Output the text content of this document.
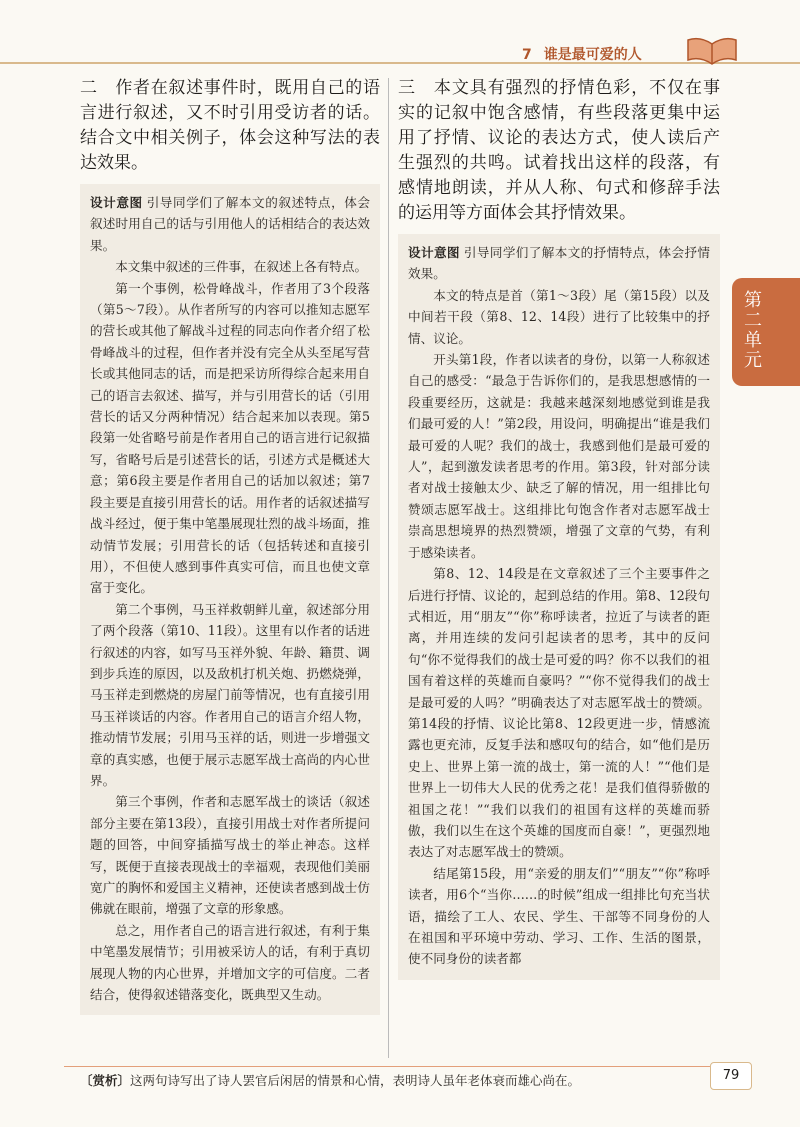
7 谁是最可爱的人
第二单元

二　作者在叙述事件时，既用自己的语言进行叙述，又不时引用受访者的话。结合文中相关例子，体会这种写法的表达效果。

设计意图 引导同学们了解本文的叙述特点，体会叙述时用自己的话与引用他人的话相结合的表达效果。

本文集中叙述的三件事，在叙述上各有特点。

第一个事例，松骨峰战斗，作者用了3个段落（第5～7段）。从作者所写的内容可以推知志愿军的营长或其他了解战斗过程的同志向作者介绍了松骨峰战斗的过程，但作者并没有完全从头至尾写营长或其他同志的话，而是把采访所得综合起来用自己的语言去叙述、描写，并与引用营长的话（引用营长的话又分两种情况）结合起来加以表现。第5段第一处省略号前是作者用自己的语言进行记叙描写，省略号后是引述营长的话，引述方式是概述大意；第6段主要是作者用自己的话加以叙述；第7段主要是直接引用营长的话。用作者的话叙述描写战斗经过，便于集中笔墨展现壮烈的战斗场面，推动情节发展；引用营长的话（包括转述和直接引用），不但使人感到事件真实可信，而且也使文章富于变化。

第二个事例，马玉祥救朝鲜儿童，叙述部分用了两个段落（第10、11段）。这里有以作者的话进行叙述的内容，如写马玉祥外貌、年龄、籍贯、调到步兵连的原因，以及敌机打机关炮、扔燃烧弹，马玉祥走到燃烧的房屋门前等情况，也有直接引用马玉祥谈话的内容。作者用自己的语言介绍人物，推动情节发展；引用马玉祥的话，则进一步增强文章的真实感，也便于展示志愿军战士高尚的内心世界。

第三个事例，作者和志愿军战士的谈话（叙述部分主要在第13段），直接引用战士对作者所提问题的回答，中间穿插描写战士的举止神态。这样写，既便于直接表现战士的幸福观，表现他们美丽宽广的胸怀和爱国主义精神，还使读者感到战士仿佛就在眼前，增强了文章的形象感。

总之，用作者自己的语言进行叙述，有利于集中笔墨发展情节；引用被采访人的话，有利于真切展现人物的内心世界，并增加文字的可信度。二者结合，使得叙述错落变化，既典型又生动。

三　本文具有强烈的抒情色彩，不仅在事实的记叙中饱含感情，有些段落更集中运用了抒情、议论的表达方式，使人读后产生强烈的共鸣。试着找出这样的段落，有感情地朗读，并从人称、句式和修辞手法的运用等方面体会其抒情效果。

设计意图 引导同学们了解本文的抒情特点，体会抒情效果。

本文的特点是首（第1～3段）尾（第15段）以及中间若干段（第8、12、14段）进行了比较集中的抒情、议论。

开头第1段，作者以读者的身份，以第一人称叙述自己的感受：“最急于告诉你们的，是我思想感情的一段重要经历，这就是：我越来越深刻地感觉到谁是我们最可爱的人！”第2段，用设问，明确提出“谁是我们最可爱的人呢？我们的战士，我感到他们是最可爱的人”，起到激发读者思考的作用。第3段，针对部分读者对战士接触太少、缺乏了解的情况，用一组排比句赞颂志愿军战士。这组排比句饱含作者对志愿军战士崇高思想境界的热烈赞颂，增强了文章的气势，有利于感染读者。

第8、12、14段是在文章叙述了三个主要事件之后进行抒情、议论的，起到总结的作用。第8、12段句式相近，用“朋友”“你”称呼读者，拉近了与读者的距离，并用连续的发问引起读者的思考，其中的反问句“你不觉得我们的战士是可爱的吗？你不以我们的祖国有着这样的英雄而自豪吗？”“你不觉得我们的战士是最可爱的人吗？”明确表达了对志愿军战士的赞颂。第14段的抒情、议论比第8、12段更进一步，情感流露也更充沛，反复手法和感叹句的结合，如“他们是历史上、世界上第一流的战士，第一流的人！”“他们是世界上一切伟大人民的优秀之花！是我们值得骄傲的祖国之花！”“我们以我们的祖国有这样的英雄而骄傲，我们以生在这个英雄的国度而自豪！”，更强烈地表达了对志愿军战士的赞颂。

结尾第15段，用“亲爱的朋友们”“朋友”“你”称呼读者，用6个“当你……的时候”组成一组排比句充当状语，描绘了工人、农民、学生、干部等不同身份的人在祖国和平环境中劳动、学习、工作、生活的图景，使不同身份的读者都

〔赏析〕这两句诗写出了诗人罢官后闲居的情景和心情，表明诗人虽年老体衰而雄心尚在。	79
